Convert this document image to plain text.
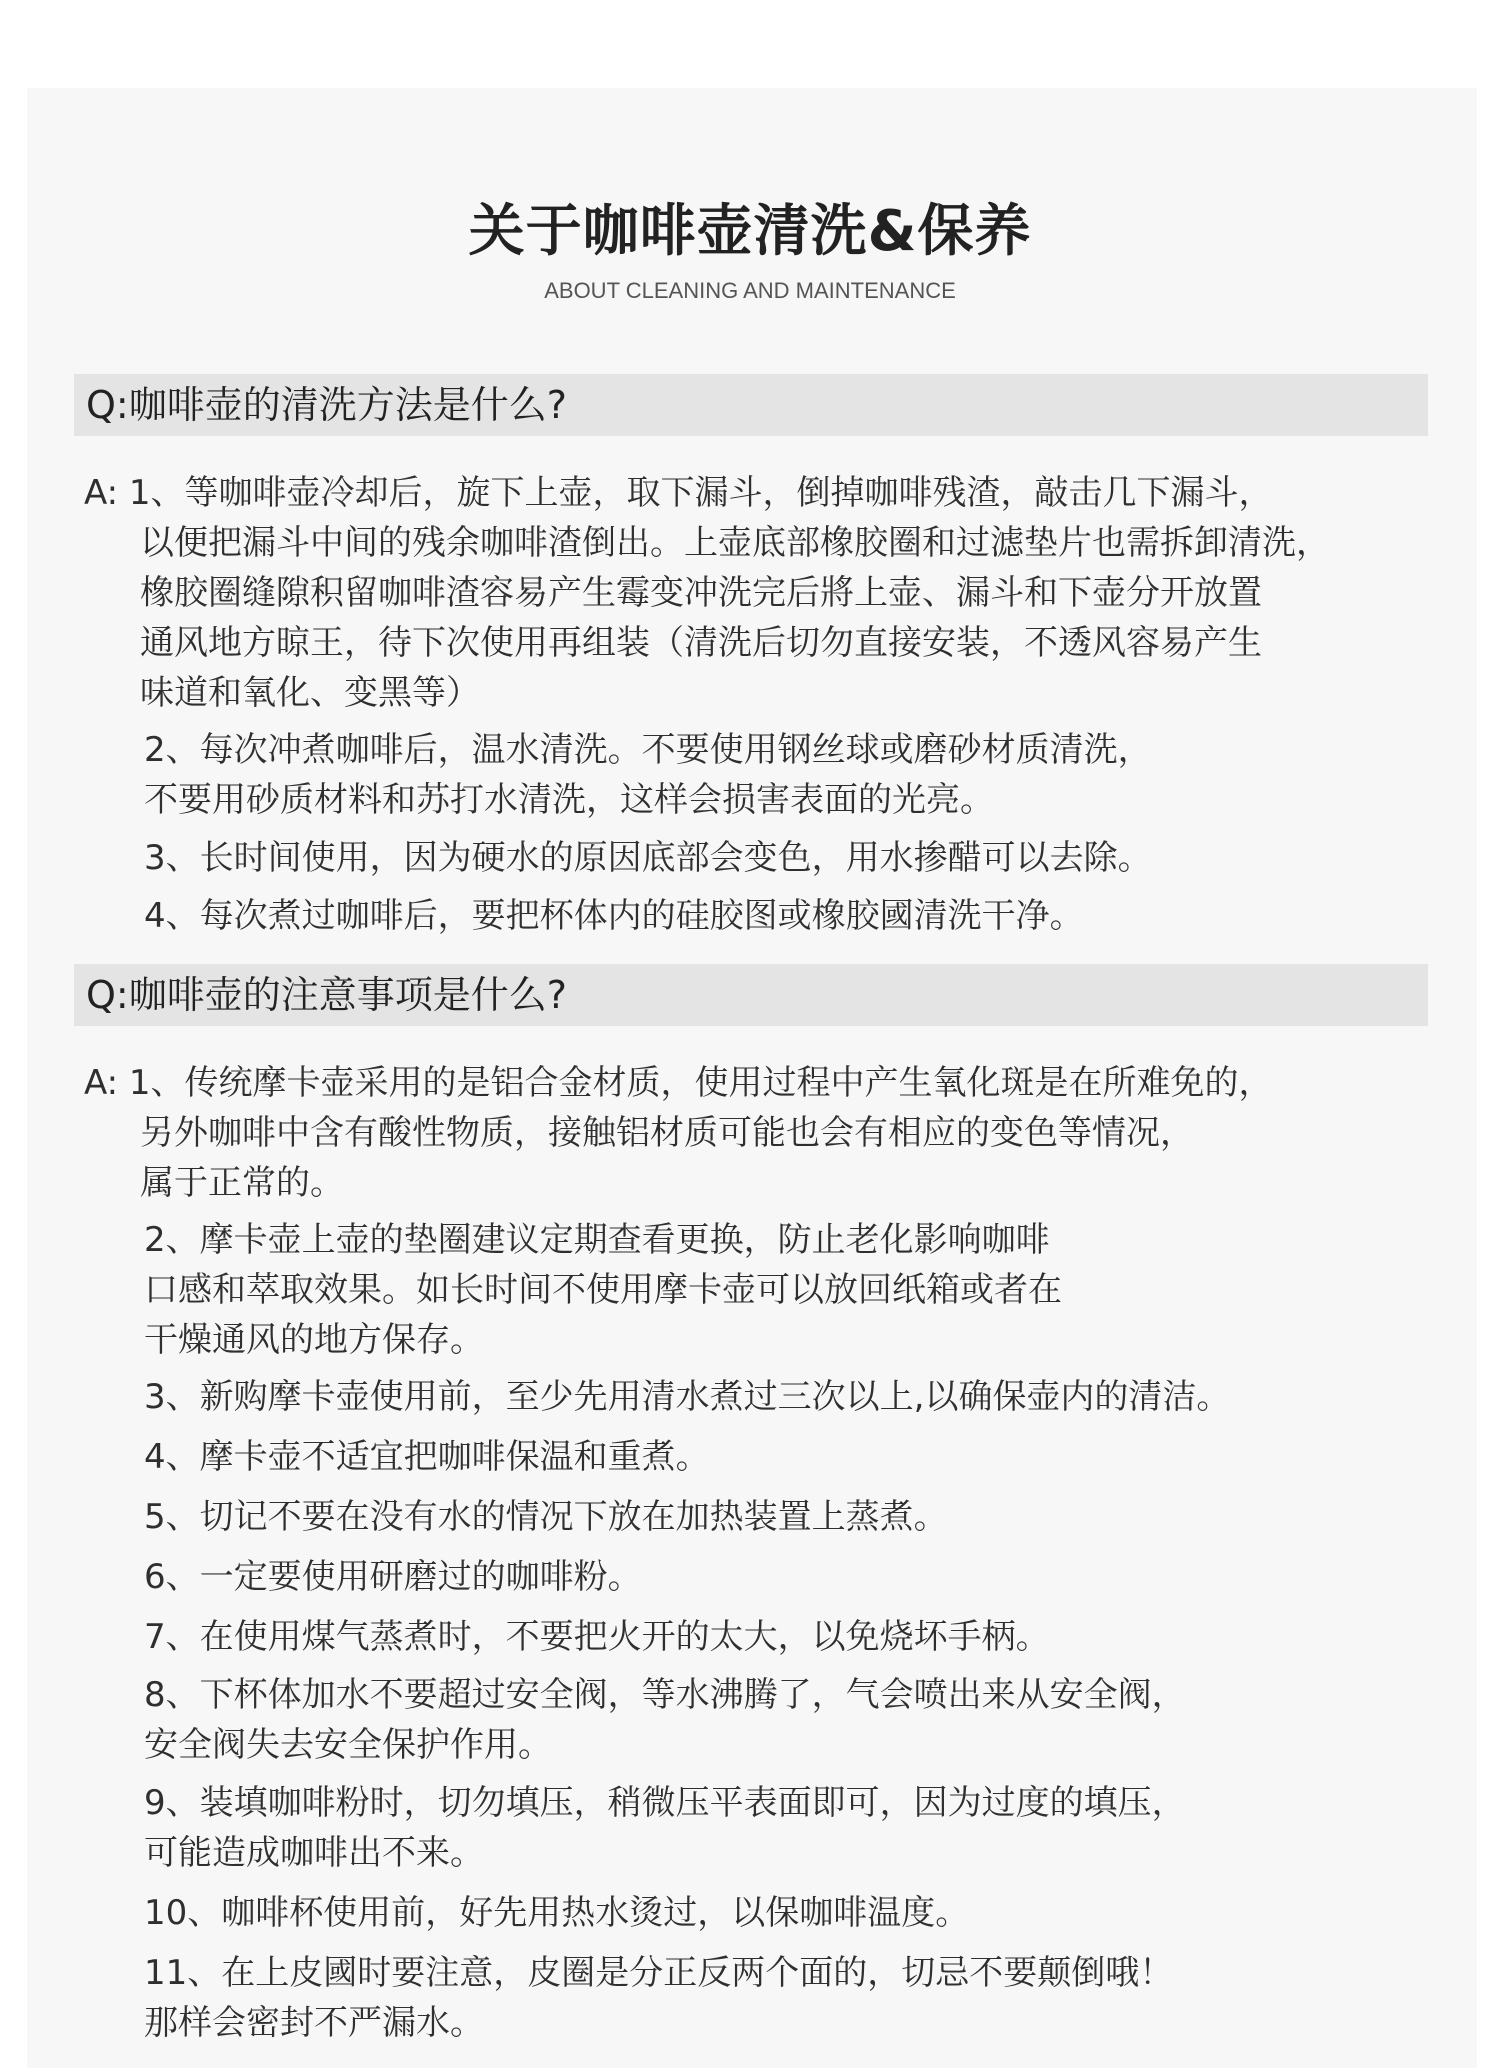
关于咖啡壶清洗&保养
ABOUT CLEANING AND MAINTENANCE
Q:咖啡壶的清洗方法是什么?
A: 1、等咖啡壶冷却后，旋下上壶，取下漏斗，倒掉咖啡残渣，敲击几下漏斗，
以便把漏斗中间的残余咖啡渣倒出。上壶底部橡胶圈和过滤垫片也需拆卸清洗，
橡胶圈缝隙积留咖啡渣容易产生霉变冲洗完后將上壶、漏斗和下壶分开放置
通风地方晾王，待下次使用再组装（清洗后切勿直接安装，不透风容易产生
味道和氧化、变黑等）
2、每次冲煮咖啡后，温水清洗。不要使用钢丝球或磨砂材质清洗，
不要用砂质材料和苏打水清洗，这样会损害表面的光亮。
3、长时间使用，因为硬水的原因底部会变色，用水掺醋可以去除。
4、每次煮过咖啡后，要把杯体内的硅胶图或橡胶國清洗干净。
Q:咖啡壶的注意事项是什么?
A: 1、传统摩卡壶采用的是铝合金材质，使用过程中产生氧化斑是在所难免的，
另外咖啡中含有酸性物质，接触铝材质可能也会有相应的变色等情况，
属于正常的。
2、摩卡壶上壶的垫圈建议定期查看更换，防止老化影响咖啡
口感和萃取效果。如长时间不使用摩卡壶可以放回纸箱或者在
干燥通风的地方保存。
3、新购摩卡壶使用前，至少先用清水煮过三次以上,以确保壶内的清洁。
4、摩卡壶不适宜把咖啡保温和重煮。
5、切记不要在没有水的情况下放在加热装置上蒸煮。
6、一定要使用研磨过的咖啡粉。
7、在使用煤气蒸煮时，不要把火开的太大，以免烧坏手柄。
8、下杯体加水不要超过安全阀，等水沸腾了，气会喷出来从安全阀，
安全阀失去安全保护作用。
9、装填咖啡粉时，切勿填压，稍微压平表面即可，因为过度的填压，
可能造成咖啡出不来。
10、咖啡杯使用前，好先用热水烫过，以保咖啡温度。
11、在上皮國时要注意，皮圈是分正反两个面的，切忌不要颠倒哦！
那样会密封不严漏水。
